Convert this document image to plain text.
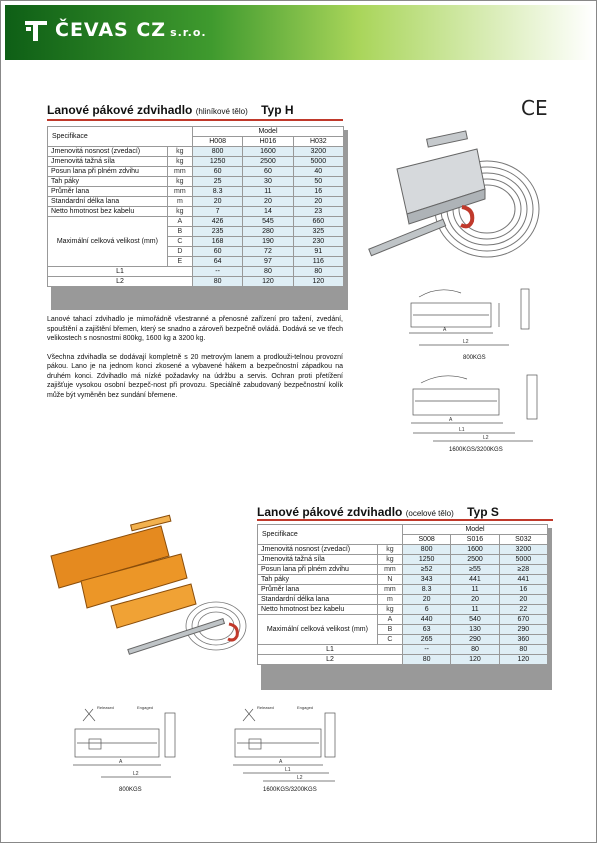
ČEVAS CZ s.r.o.
Lanové pákové zdvihadlo (hliníkové tělo) Typ H	CE
Specifikace		Model		
		H008	H016	H032
Jmenovitá nosnost (zvedací)	kg	800	1600	3200
Jmenovitá tažná síla	kg	1250	2500	5000
Posun lana při plném zdvihu	mm	60	60	40
Tah páky	kg	25	30	50
Průměr lana	mm	8.3	11	16
Standardní délka lana	m	20	20	20
Netto hmotnost bez kabelu	kg	7	14	23
Maximální celková velikost (mm)	A	426	545	660
	B	235	280	325
	C	168	190	230
	D	60	72	91
	E	64	97	116
L1		--	80	80
L2		80	120	120

Lanové tahací zdvihadlo je mimořádně všestranné a přenosné zařízení pro tažení, zvedání, spouštění a zajištění břemen, který se snadno a zároveň bezpečně ovládá. Dodává se ve třech velikostech s nosnostmi 800kg, 1600 kg a 3200 kg.

Všechna zdvihadla se dodávají kompletně s 20 metrovým lanem a prodlouži-telnou provozní pákou. Lano je na jednom konci zkosené a vybavené hákem a bezpečnostní západkou na druhém konci. Zdvihadlo má nízké požadavky na údržbu a servis. Ochran proti přetížení zajišťuje vysokou osobní bezpeč-nost při provozu. Speciálně zabudovaný bezpečnostní kolík může být vyměněn bez sundání břemene.

A
L2
800KGS
A
L1
L2
1600KGS/3200KGS
Lanové pákové zdvihadlo (ocelové tělo) Typ S
Specifikace		Model		
		S008	S016	S032
Jmenovitá nosnost (zvedací)	kg	800	1600	3200
Jmenovitá tažná síla	kg	1250	2500	5000
Posun lana při plném zdvihu	mm	≥52	≥55	≥28
Tah páky	N	343	441	441
Průměr lana	mm	8.3	11	16
Standardní délka lana	m	20	20	20
Netto hmotnost bez kabelu	kg	6	11	22
Maximální celková velikost (mm)	A	440	540	670
	B	63	130	290
	C	265	290	360
L1		--	80	80
L2		80	120	120
A
L2
Released	Engaged
800KGS
A
L1
L2
Released	Engaged
1600KGS/3200KGS
